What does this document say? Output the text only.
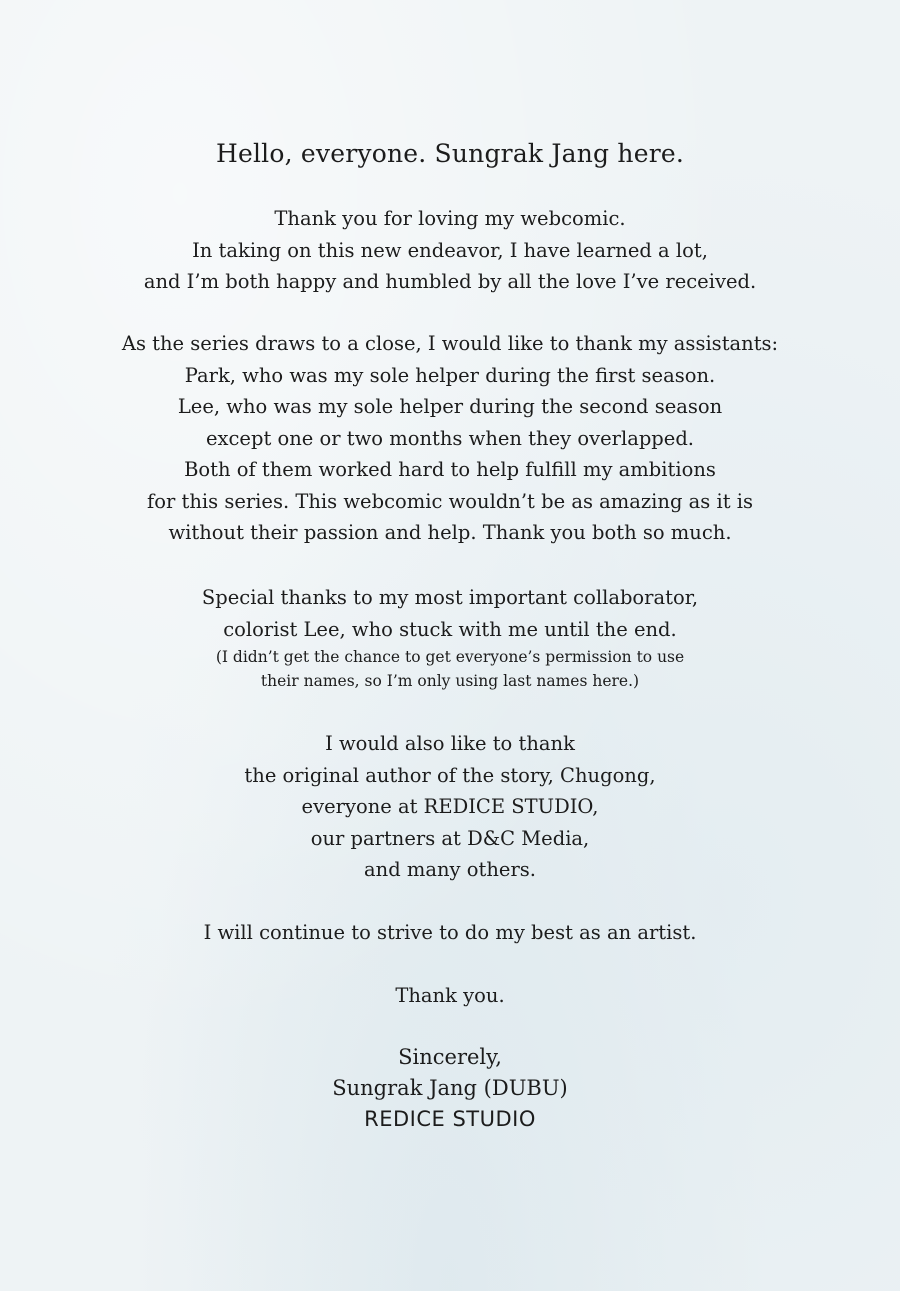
Hello, everyone. Sungrak Jang here.

Thank you for loving my webcomic.
In taking on this new endeavor, I have learned a lot,
and I’m both happy and humbled by all the love I’ve received.

As the series draws to a close, I would like to thank my assistants:
Park, who was my sole helper during the first season.
Lee, who was my sole helper during the second season
except one or two months when they overlapped.
Both of them worked hard to help fulfill my ambitions
for this series. This webcomic wouldn’t be as amazing as it is
without their passion and help. Thank you both so much.

Special thanks to my most important collaborator,
colorist Lee, who stuck with me until the end.

(I didn’t get the chance to get everyone’s permission to use
their names, so I’m only using last names here.)

I would also like to thank
the original author of the story, Chugong,
everyone at REDICE STUDIO,
our partners at D&C Media,
and many others.

I will continue to strive to do my best as an artist.

Thank you.

Sincerely,
Sungrak Jang (DUBU)
REDICE STUDIO
